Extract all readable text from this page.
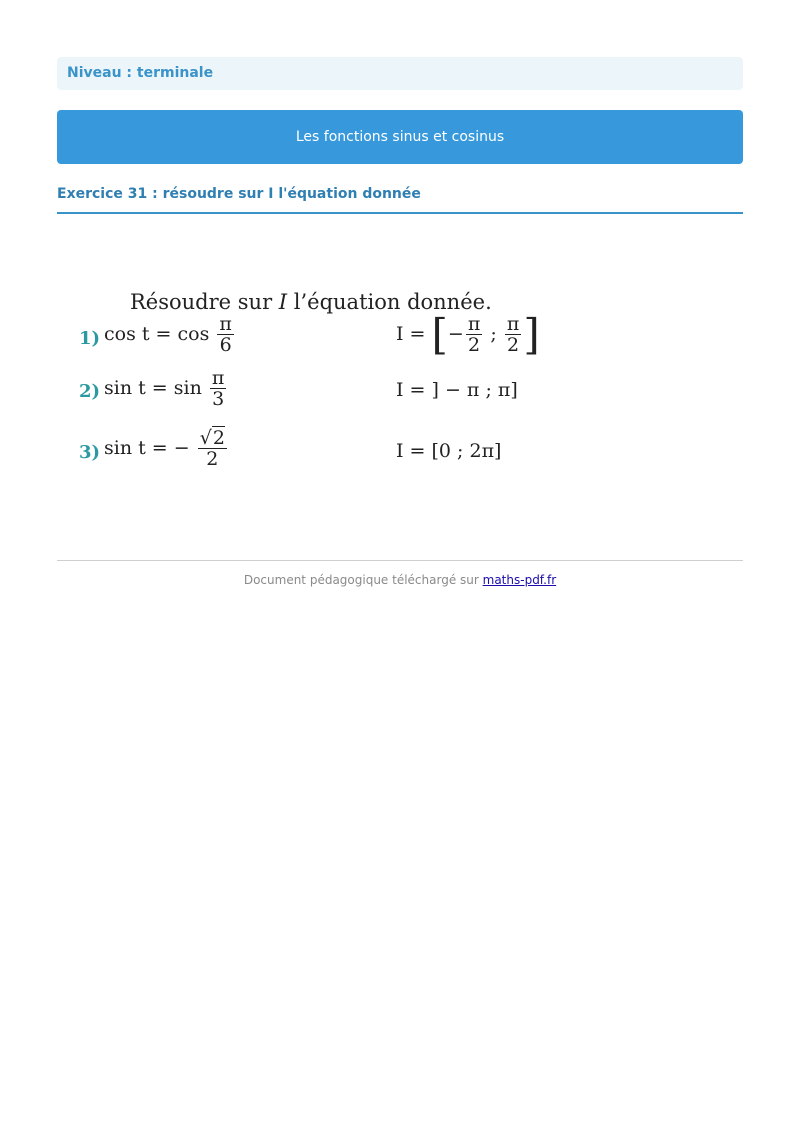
Niveau : terminale
Les fonctions sinus et cosinus
Exercice 31 : résoudre sur I l'équation donnée
Résoudre sur I l’équation donnée.
1) $\cos t = \cos \frac{\pi}{6}$	I = [− $\frac{\pi}{2}$ ; $\frac{\pi}{2}$ ]
2) $\sin t = \sin \frac{\pi}{3}$	I = ] − π ; π]
3) sin t = − $\frac{√2}{2}$	I = [0 ; 2π]
Document pédagogique téléchargé sur maths-pdf.fr
